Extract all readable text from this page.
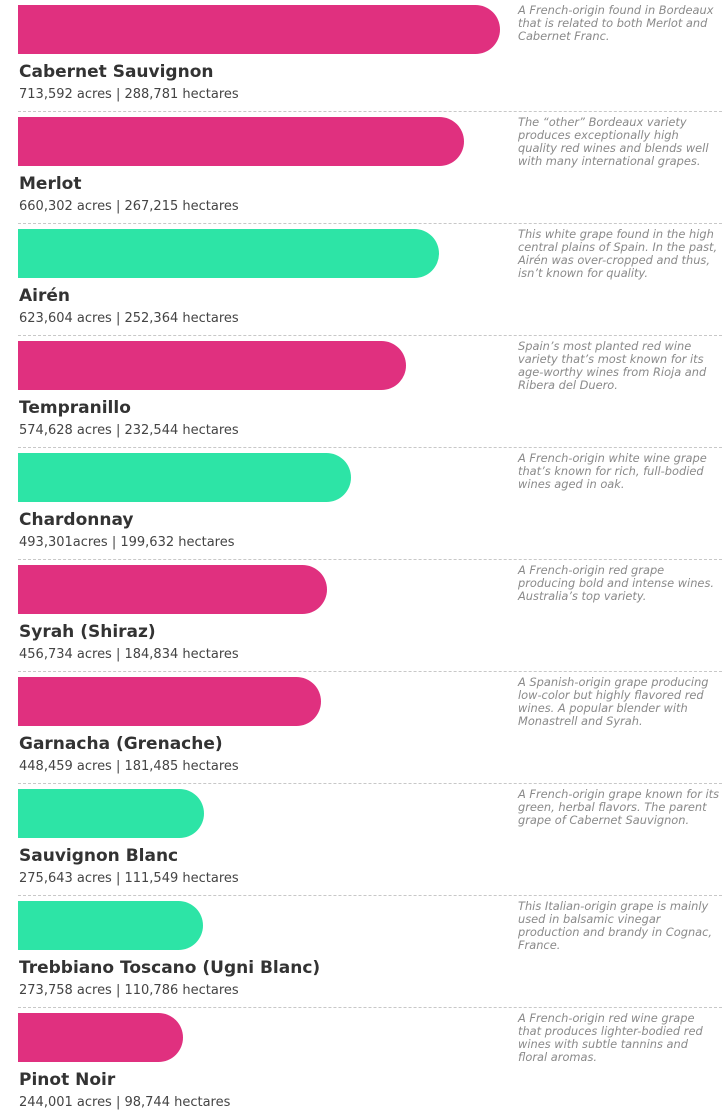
Cabernet Sauvignon
713,592 acres | 288,781 hectares
A French-origin found in Bordeaux that is related to both Merlot and Cabernet Franc.
Merlot
660,302 acres | 267,215 hectares
The “other” Bordeaux variety produces exceptionally high quality red wines and blends well with many international grapes.
Airén
623,604 acres | 252,364 hectares
This white grape found in the high central plains of Spain. In the past, Airén was over-cropped and thus, isn’t known for quality.
Tempranillo
574,628 acres | 232,544 hectares
Spain’s most planted red wine variety that’s most known for its age-worthy wines from Rioja and Ribera del Duero.
Chardonnay
493,301acres | 199,632 hectares
A French-origin white wine grape that’s known for rich, full-bodied wines aged in oak.
Syrah (Shiraz)
456,734 acres | 184,834 hectares
A French-origin red grape producing bold and intense wines. Australia’s top variety.
Garnacha (Grenache)
448,459 acres | 181,485 hectares
A Spanish-origin grape producing low-color but highly flavored red wines. A popular blender with Monastrell and Syrah.
Sauvignon Blanc
275,643 acres | 111,549 hectares
A French-origin grape known for its green, herbal flavors. The parent grape of Cabernet Sauvignon.
Trebbiano Toscano (Ugni Blanc)
273,758 acres | 110,786 hectares
This Italian-origin grape is mainly used in balsamic vinegar production and brandy in Cognac, France.
Pinot Noir
244,001 acres | 98,744 hectares
A French-origin red wine grape that produces lighter-bodied red wines with subtle tannins and floral aromas.
